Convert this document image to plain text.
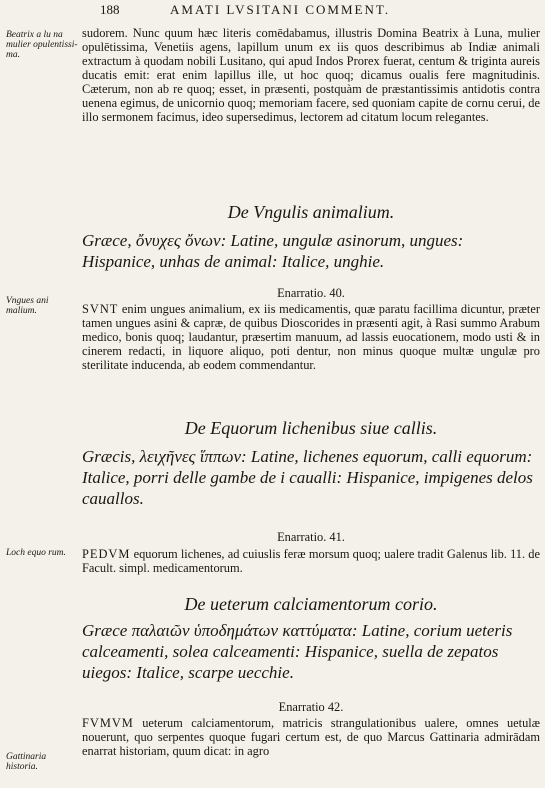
188	AMATI LVSITANI COMMENT.
Beatrix a lu na mulier opulentissi-ma.
Vngues ani malium.
Loch equo rum.
Gattinaria historia.

sudorem. Nunc quum hæc literis comēdabamus, illustris Domina Beatrix à Luna, mulier opulētissima, Venetiis agens, lapillum unum ex iis quos describimus ab Indiæ animali extractum à quodam nobili Lusitano, qui apud Indos Prorex fuerat, centum & triginta aureis ducatis emit: erat enim lapillus ille, ut hoc quoq; dicamus oualis fere magnitudinis. Cæterum, non ab re quoq; esset, in præsenti, postquàm de præstantissimis antidotis contra uenena egimus, de unicornio quoq; memoriam facere, sed quoniam capite de cornu cerui, de illo sermonem facimus, ideo supersedimus, lectorem ad citatum locum relegantes.

De Vngulis animalium.
Græce, ὄνυχες ὄνων: Latine, ungulæ asinorum, ungues: Hispanice, unhas de animal: Italice, unghie.
Enarratio. 40.

SVNT enim ungues animalium, ex iis medicamentis, quæ paratu facillima dicuntur, præter tamen ungues asini & capræ, de quibus Dioscorides in præsenti agit, à Rasi summo Arabum medico, bonis quoq; laudantur, præsertim manuum, ad lassis euocationem, modo usti & in cinerem redacti, in liquore aliquo, poti dentur, non minus quoque multæ ungulæ pro sterilitate inducenda, ab eodem commendantur.

De Equorum lichenibus siue callis.
Græcis, λειχῆνες ἵππων: Latine, lichenes equorum, calli equorum: Italice, porri delle gambe de i caualli: Hispanice, impigenes delos cauallos.
Enarratio. 41.

PEDVM equorum lichenes, ad cuiuslis feræ morsum quoq; ualere tradit Galenus lib. 11. de Facult. simpl. medicamentorum.

De ueterum calciamentorum corio.
Græce παλαιῶν ὑποδημάτων καττύματα: Latine, corium ueteris calceamenti, solea calceamenti: Hispanice, suella de zepatos uiegos: Italice, scarpe uecchie.
Enarratio 42.

FVMVM ueterum calciamentorum, matricis strangulationibus ualere, omnes uetulæ nouerunt, quo serpentes quoque fugari certum est, de quo Marcus Gattinaria admirādam enarrat historiam, quum dicat: in agro
